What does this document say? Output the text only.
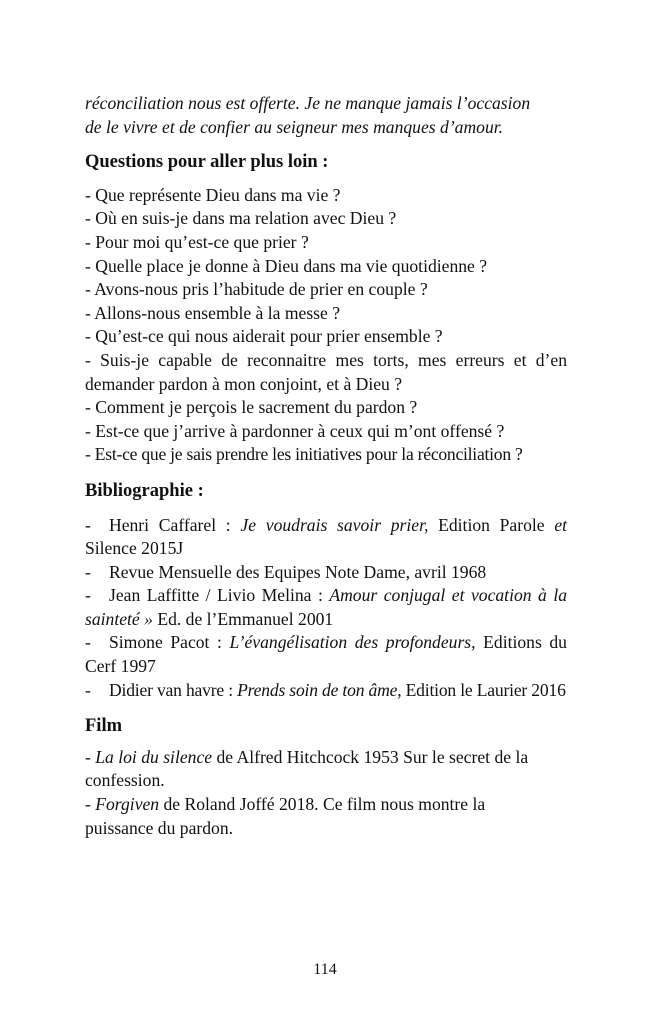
réconciliation nous est offerte. Je ne manque jamais l’occasion
de le vivre et de confier au seigneur mes manques d’amour.
Questions pour aller plus loin :
- Que représente Dieu dans ma vie ?
- Où en suis-je dans ma relation avec Dieu ?
- Pour moi qu’est-ce que prier ?
- Quelle place je donne à Dieu dans ma vie quotidienne ?
- Avons-nous pris l’habitude de prier en couple ?
- Allons-nous ensemble à la messe ?
- Qu’est-ce qui nous aiderait pour prier ensemble ?
- Suis-je capable de reconnaitre mes torts, mes erreurs et d’en demander pardon à mon conjoint, et à Dieu ?
- Comment je perçois le sacrement du pardon ?
- Est-ce que j’arrive à pardonner à ceux qui m’ont offensé ?
- Est-ce que je sais prendre les initiatives pour la réconciliation ?
Bibliographie :
- Henri Caffarel : Je voudrais savoir prier, Edition Parole et Silence 2015J
- Revue Mensuelle des Equipes Note Dame, avril 1968
- Jean Laffitte / Livio Melina : Amour conjugal et vocation à la sainteté » Ed. de l’Emmanuel 2001
- Simone Pacot : L’évangélisation des profondeurs, Editions du Cerf 1997
- Didier van havre : Prends soin de ton âme, Edition le Laurier 2016
Film
- La loi du silence de Alfred Hitchcock 1953 Sur le secret de la confession.
- Forgiven de Roland Joffé 2018. Ce film nous montre la puissance du pardon.
114
